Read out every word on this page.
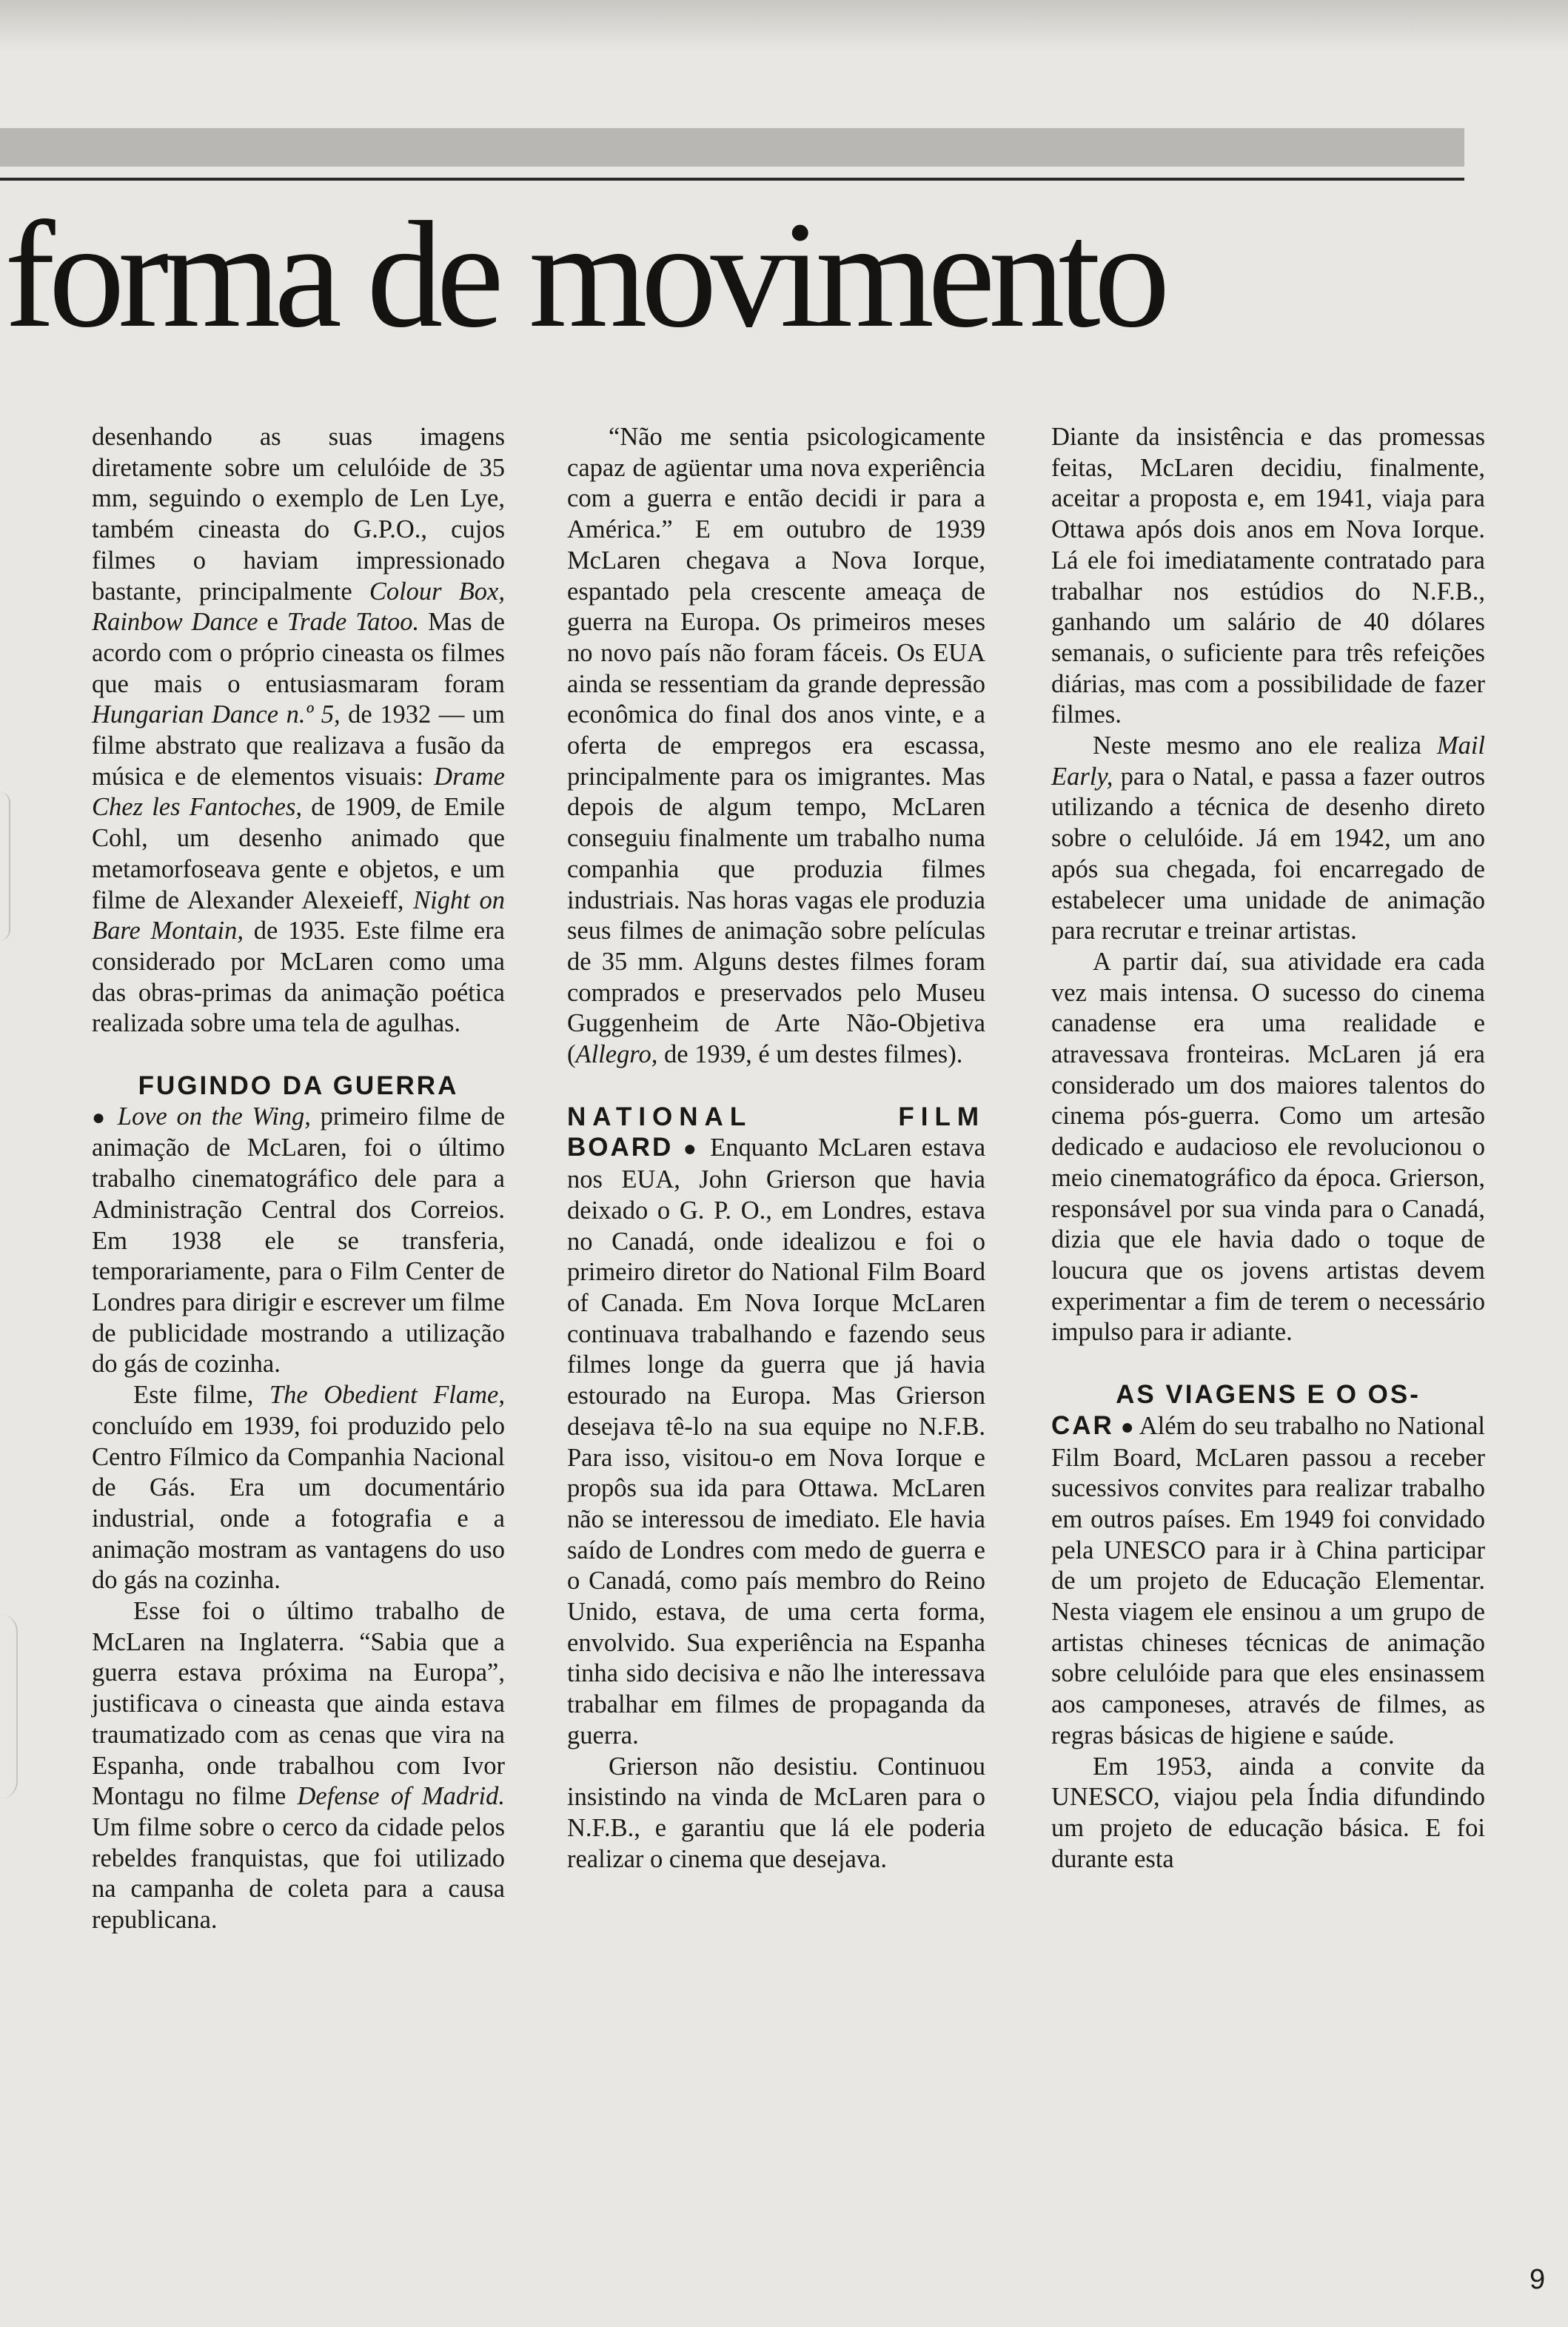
forma de movimento

desenhando as suas imagens diretamente sobre um celulóide de 35 mm, seguindo o exemplo de Len Lye, também cineasta do G.P.O., cujos filmes o haviam impressionado bastante, principalmente Colour Box, Rainbow Dance e Trade Tatoo. Mas de acordo com o próprio cineasta os filmes que mais o entusiasmaram foram Hungarian Dance n.º 5, de 1932 — um filme abstrato que realizava a fusão da música e de elementos visuais: Drame Chez les Fantoches, de 1909, de Emile Cohl, um desenho animado que metamorfoseava gente e objetos, e um filme de Alexander Alexeieff, Night on Bare Montain, de 1935. Este filme era considerado por McLaren como uma das obras-primas da animação poética realizada sobre uma tela de agulhas.

FUGINDO DA GUERRA

● Love on the Wing, primeiro filme de animação de McLaren, foi o último trabalho cinematográfico dele para a Administração Central dos Correios. Em 1938 ele se transferia, temporariamente, para o Film Center de Londres para dirigir e escrever um filme de publicidade mostrando a utilização do gás de cozinha.

Este filme, The Obedient Flame, concluído em 1939, foi produzido pelo Centro Fílmico da Companhia Nacional de Gás. Era um documentário industrial, onde a fotografia e a animação mostram as vantagens do uso do gás na cozinha.

Esse foi o último trabalho de McLaren na Inglaterra. “Sabia que a guerra estava próxima na Europa”, justificava o cineasta que ainda estava traumatizado com as cenas que vira na Espanha, onde trabalhou com Ivor Montagu no filme Defense of Madrid. Um filme sobre o cerco da cidade pelos rebeldes franquistas, que foi utilizado na campanha de coleta para a causa republicana.

“Não me sentia psicologicamente capaz de agüentar uma nova experiência com a guerra e então decidi ir para a América.” E em outubro de 1939 McLaren chegava a Nova Iorque, espantado pela crescente ameaça de guerra na Europa. Os primeiros meses no novo país não foram fáceis. Os EUA ainda se ressentiam da grande depressão econômica do final dos anos vinte, e a oferta de empregos era escassa, principalmente para os imigrantes. Mas depois de algum tempo, McLaren conseguiu finalmente um trabalho numa companhia que produzia filmes industriais. Nas horas vagas ele produzia seus filmes de animação sobre películas de 35 mm. Alguns destes filmes foram comprados e preservados pelo Museu Guggenheim de Arte Não-Objetiva (Allegro, de 1939, é um destes filmes).

NATIONAL FILM
BOARD ● Enquanto McLaren estava nos EUA, John Grierson que havia deixado o G. P. O., em Londres, estava no Canadá, onde idealizou e foi o primeiro diretor do National Film Board of Canada. Em Nova Iorque McLaren continuava trabalhando e fazendo seus filmes longe da guerra que já havia estourado na Europa. Mas Grierson desejava tê-lo na sua equipe no N.F.B. Para isso, visitou-o em Nova Iorque e propôs sua ida para Ottawa. McLaren não se interessou de imediato. Ele havia saído de Londres com medo de guerra e o Canadá, como país membro do Reino Unido, estava, de uma certa forma, envolvido. Sua experiência na Espanha tinha sido decisiva e não lhe interessava trabalhar em filmes de propaganda da guerra.

Grierson não desistiu. Continuou insistindo na vinda de McLaren para o N.F.B., e garantiu que lá ele poderia realizar o cinema que desejava.

Diante da insistência e das promessas feitas, McLaren decidiu, finalmente, aceitar a proposta e, em 1941, viaja para Ottawa após dois anos em Nova Iorque. Lá ele foi imediatamente contratado para trabalhar nos estúdios do N.F.B., ganhando um salário de 40 dólares semanais, o suficiente para três refeições diárias, mas com a possibilidade de fazer filmes.

Neste mesmo ano ele realiza Mail Early, para o Natal, e passa a fazer outros utilizando a técnica de desenho direto sobre o celulóide. Já em 1942, um ano após sua chegada, foi encarregado de estabelecer uma unidade de animação para recrutar e treinar artistas.

A partir daí, sua atividade era cada vez mais intensa. O sucesso do cinema canadense era uma realidade e atravessava fronteiras. McLaren já era considerado um dos maiores talentos do cinema pós-guerra. Como um artesão dedicado e audacioso ele revolucionou o meio cinematográfico da época. Grierson, responsável por sua vinda para o Canadá, dizia que ele havia dado o toque de loucura que os jovens artistas devem experimentar a fim de terem o necessário impulso para ir adiante.

AS VIAGENS E O OS-
CAR ● Além do seu trabalho no National Film Board, McLaren passou a receber sucessivos convites para realizar trabalho em outros países. Em 1949 foi convidado pela UNESCO para ir à China participar de um projeto de Educação Elementar. Nesta viagem ele ensinou a um grupo de artistas chineses técnicas de animação sobre celulóide para que eles ensinassem aos camponeses, através de filmes, as regras básicas de higiene e saúde.

Em 1953, ainda a convite da UNESCO, viajou pela Índia difundindo um projeto de educação básica. E foi durante esta

9
